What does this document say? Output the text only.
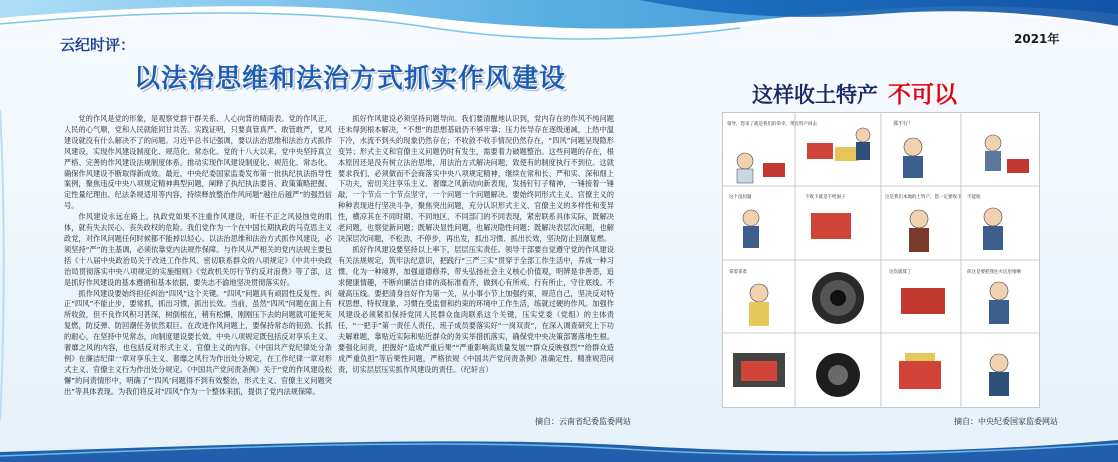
2021年
云纪时评：
以法治思维和法治方式抓实作风建设

党的作风是党的形象，是观察党群干群关系、人心向背的晴雨表。党的作风正，人民的心气顺，党和人民就能同甘共苦。实践证明，只要真管真严、敢管敢严，党风建设就没有什么解决不了的问题。习近平总书记强调，要以法治思维和法治方式抓作风建设，实现作风建设制度化、规范化、常态化。党的十八大以来，党中央坚持真立严格、完善的作风建设法规制度体系，推动实现作风建设制度化、规范化、常态化，确保作风建设不断取得新成效。最近，中央纪委国家监委发布第一批执纪执法指导性案例，聚焦违反中央八项规定精神典型问题，阐释了执纪执法要旨、政策策略把握、定性量纪理由、纪法条规适用等内容，持续释放整治作风问题“越往后越严”的强烈信号。

作风建设永远在路上。执政党如果不注重作风建设，听任不正之风侵蚀党的肌体，就有失去民心、丧失政权的危险。我们党作为一个在中国长期执政的马克思主义政党，对作风问题任何时候都不能掉以轻心。以法治思维和法治方式抓作风建设，必须坚持“严”的主基调，必须依靠党内法规作保障。与作风从严相关的党内法规主要包括《十八届中央政治局关于改进工作作风、密切联系群众的八项规定》《中共中央政治局贯彻落实中央八项规定的实施细则》《党政机关厉行节约反对浪费》等了部，这是抓好作风建设的基本遵循和基本依据，要失志不渝地坚决贯彻落实好。

抓作风建设要始终担任纠治“四风”这个关键。“四风”问题具有顽固性反复性。纠正“四风”不能止步，要常抓，抓出习惯，抓出长效。当前，虽然“四风”问题在面上有所收敛，但不良作风积习甚深，树倒根在，稍有松懈，刚刚压下去的问题就可能死灰复燃，防反弹、防回潮任务依然艰巨。在改进作风问题上，要保持常态的韧劲、长抓的耐心，在坚持中见常态，向制度建设要长效。中央八项规定既包括反对享乐主义、奢靡之风的内容，也包括反对形式主义、官僚主义的内容。《中国共产党纪律处分条例》在廉洁纪律一章对享乐主义、奢靡之风行为作出处分规定，在工作纪律一章对形式主义、官僚主义行为作出处分规定。《中国共产党问责条例》关于“党的作风建设松懈”的问责情形中，明确了“‘四风’问题得不到有效整治，形式主义、官僚主义问题突出”等具体表现。为我们将反对“四风”作为一个整体来抓，提供了党内法规保障。

抓好作风建设必须坚持问题导向。我们要清醒地认识到，党内存在的作风不纯问题还未得到根本解决，“不想”的思想基础仍不够牢靠；压力传导存在逐级递减，上热中温下冷，水流不到头的现象仍然存在；不收敛不收手情况仍然存在，“四风”问题呈现隐形变异；形式主义和官僚主义问题仍时有发生，需要着力破题整治。这些问题的存在，根本原因还是没有树立法治思维，用法治方式解决问题，致使有的制度执行不到位。这就要求我们，必须做而不会商落实中央八项规定精神，继续在常和长、严和实、深和细上下功夫，密切关注享乐主义、奢靡之风新动向新表现，发扬钉钉子精神，一锤接着一锤敲，一个节点一个节点坚守，一个问题一个问题解决。要始终同形式主义、官僚主义的种种表现进行坚决斗争，聚焦突出问题，充分认识形式主义、官僚主义的多样性和变异性，横凉其在不同时期、不同地区、不同部门的不同表现，紧密联系具体实际，既解决老问题，也察觉新问题；既解决显性问题，也解决隐性问题；既解决表层次问题，也解决深层次问题，不松劲、不停步，再出发，抓出习惯、抓出长效，坚决防止回潮复燃。

抓好作风建设要坚持以上率下，层层压实责任。领导干部要自觉遵守党的作风建设有关法规规定，筑牢法纪意识，把践行“三严三实”贯穿于全部工作生活中，养成一种习惯、化为一种境界，加强道德修养，带头弘扬社会主义核心价值观，明辨是非善恶，追求健康情趣，不断向廉洁自律的高标准看齐，做到心有所戒、行有所止，守住底线、不碰高压线。要把清身自好作为第一关，从小事小节上加强约束，规范自己，坚决反对特权思想、特权现象，习惯在受监督和约束的环境中工作生活，练就过硬的作风。加强作风建设必须紧扣保持党同人民群众血肉联系这个关键，压实党委（党组）的主体责任，“一把手”第一责任人责任，班子成员要落实好“一岗双责”，在深入调查研究上下功夫解难题，靠贴近实际和贴近群众的务实举措抓落实，确保党中央决策部署落地生根。要强化问责，把握好“造成严重后果”“严重影响高质量发展”“群众反映强烈”“给群众造成严重负担”等后果性问题，严格依规《中国共产党问责条例》准确定性、精准规范问责，切实层层压实抓作风建设的责任。（纪轩言）

摘自：云南省纪委监委网站
这样收土特产 不可以
领导，您来了就是我们的荣幸，带点特产回去	那不行！
这个没问题	不收下就是不给面子	这是我们本地的土特产，您一定要收下 不能收
拿着拿着	这次就算了	你这是要把我往火坑里推啊
摘自：中央纪委国家监委网站
